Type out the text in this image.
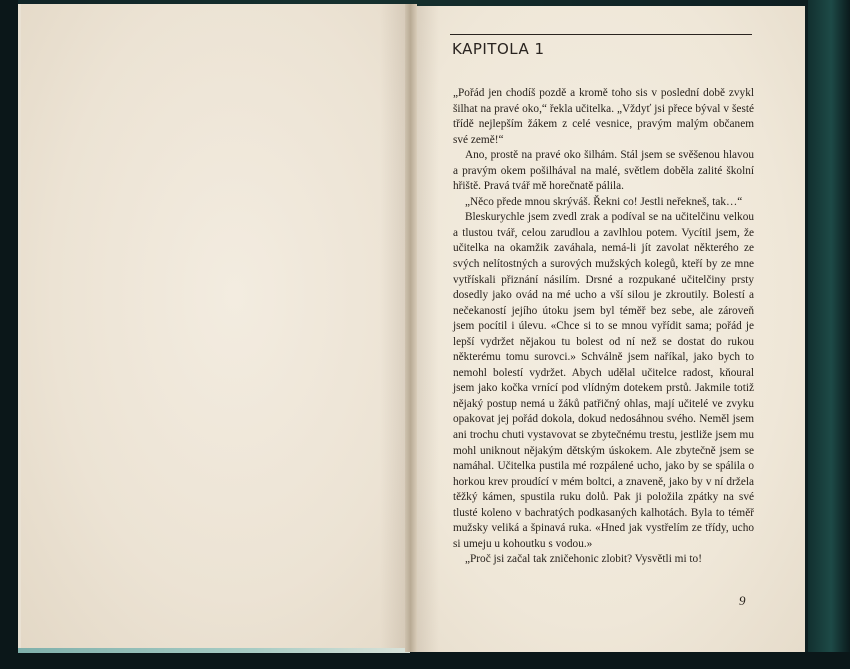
KAPITOLA 1

„Pořád jen chodíš pozdě a kromě toho sis v poslední době zvykl šilhat na pravé oko,“ řekla učitelka. „Vždyť jsi přece býval v šesté třídě nejlepším žákem z celé vesnice, pravým malým občanem své země!“

Ano, prostě na pravé oko šilhám. Stál jsem se svěšenou hlavou a pravým okem pošilhával na malé, světlem doběla zalité školní hřiště. Pravá tvář mě horečnatě pálila.

„Něco přede mnou skrýváš. Řekni co! Jestli neřekneš, tak…“

Bleskurychle jsem zvedl zrak a podíval se na učitelčinu velkou a tlustou tvář, celou zarudlou a zavlhlou potem. Vycítil jsem, že učitelka na okamžik zaváhala, nemá-li jít zavolat některého ze svých nelítostných a surových mužských kolegů, kteří by ze mne vytřískali přiznání násilím. Drsné a rozpukané učitelčiny prsty dosedly jako ovád na mé ucho a vší silou je zkroutily. Bolestí a nečekaností jejího útoku jsem byl téměř bez sebe, ale zároveň jsem pocítil i úlevu. «Chce si to se mnou vyřídit sama; pořád je lepší vydržet nějakou tu bolest od ní než se dostat do rukou některému tomu surovci.» Schválně jsem naříkal, jako bych to nemohl bolestí vydržet. Abych udělal učitelce radost, kňoural jsem jako kočka vrnící pod vlídným dotekem prstů. Jakmile totiž nějaký postup nemá u žáků patřičný ohlas, mají učitelé ve zvyku opakovat jej pořád dokola, dokud nedosáhnou svého. Neměl jsem ani trochu chuti vystavovat se zbytečnému trestu, jestliže jsem mu mohl uniknout nějakým dětským úskokem. Ale zbytečně jsem se namáhal. Učitelka pustila mé rozpálené ucho, jako by se spálila o horkou krev proudící v mém boltci, a znaveně, jako by v ní držela těžký kámen, spustila ruku dolů. Pak ji položila zpátky na své tlusté koleno v bachratých podkasaných kalhotách. Byla to téměř mužsky veliká a špinavá ruka. «Hned jak vystřelím ze třídy, ucho si umeju u kohoutku s vodou.»

„Proč jsi začal tak zničehonic zlobit? Vysvětli mi to!

9
